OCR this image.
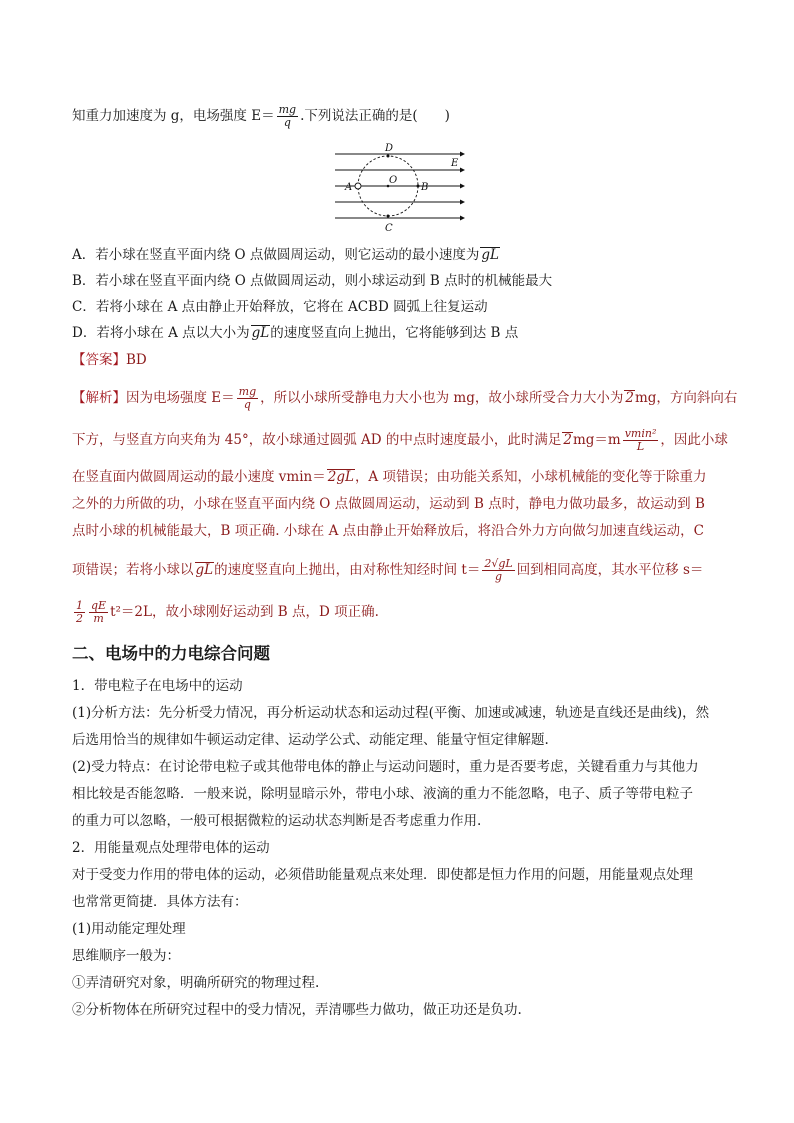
知重力加速度为 g，电场强度 $E= \frac{mg}{q}$ .下列说法正确的是(　　)
D
E
A
O
B
C
A．若小球在竖直平面内绕 O 点做圆周运动，则它运动的最小速度为 gL
B．若小球在竖直平面内绕 O 点做圆周运动，则小球运动到 B 点时的机械能最大
C．若将小球在 A 点由静止开始释放，它将在 ACBD 圆弧上往复运动
D．若将小球在 A 点以大小为 gL的速度竖直向上抛出，它将能够到达 B 点
【答案】BD
【解析】因为电场强度 $E= \frac{mg}{q}$ ，所以小球所受静电力大小也为 mg，故小球所受合力大小为 2mg，方向斜向右
下方，与竖直方向夹角为 45°，故小球通过圆弧 AD 的中点时速度最小，此时满足 $2mg=m \frac{\text{vmin²}}{L}$ ，因此小球
在竖直面内做圆周运动的最小速度 vmin＝ 2gL，A 项错误；由功能关系知，小球机械能的变化等于除重力
之外的力所做的功，小球在竖直平面内绕 O 点做圆周运动，运动到 B 点时，静电力做功最多，故运动到 B
点时小球的机械能最大，B 项正确. 小球在 A 点由静止开始释放后，将沿合外力方向做匀加速直线运动，C
项错误；若将小球以 gL的速度竖直向上抛出，由对称性知经时间 $t= \frac{2√gL}{g}$ 回到相同高度，其水平位移 s＝
$\frac{1}{2} \frac{qE}{m} t^2=2L$，故小球刚好运动到 B 点，D 项正确.
二、电场中的力电综合问题
1．带电粒子在电场中的运动
(1)分析方法：先分析受力情况，再分析运动状态和运动过程(平衡、加速或减速，轨迹是直线还是曲线)，然
后选用恰当的规律如牛顿运动定律、运动学公式、动能定理、能量守恒定律解题.
(2)受力特点：在讨论带电粒子或其他带电体的静止与运动问题时，重力是否要考虑，关键看重力与其他力
相比较是否能忽略．一般来说，除明显暗示外，带电小球、液滴的重力不能忽略，电子、质子等带电粒子
的重力可以忽略，一般可根据微粒的运动状态判断是否考虑重力作用.
2．用能量观点处理带电体的运动
对于受变力作用的带电体的运动，必须借助能量观点来处理．即使都是恒力作用的问题，用能量观点处理
也常常更简捷．具体方法有：
(1)用动能定理处理
思维顺序一般为：
①弄清研究对象，明确所研究的物理过程.
②分析物体在所研究过程中的受力情况，弄清哪些力做功，做正功还是负功.
